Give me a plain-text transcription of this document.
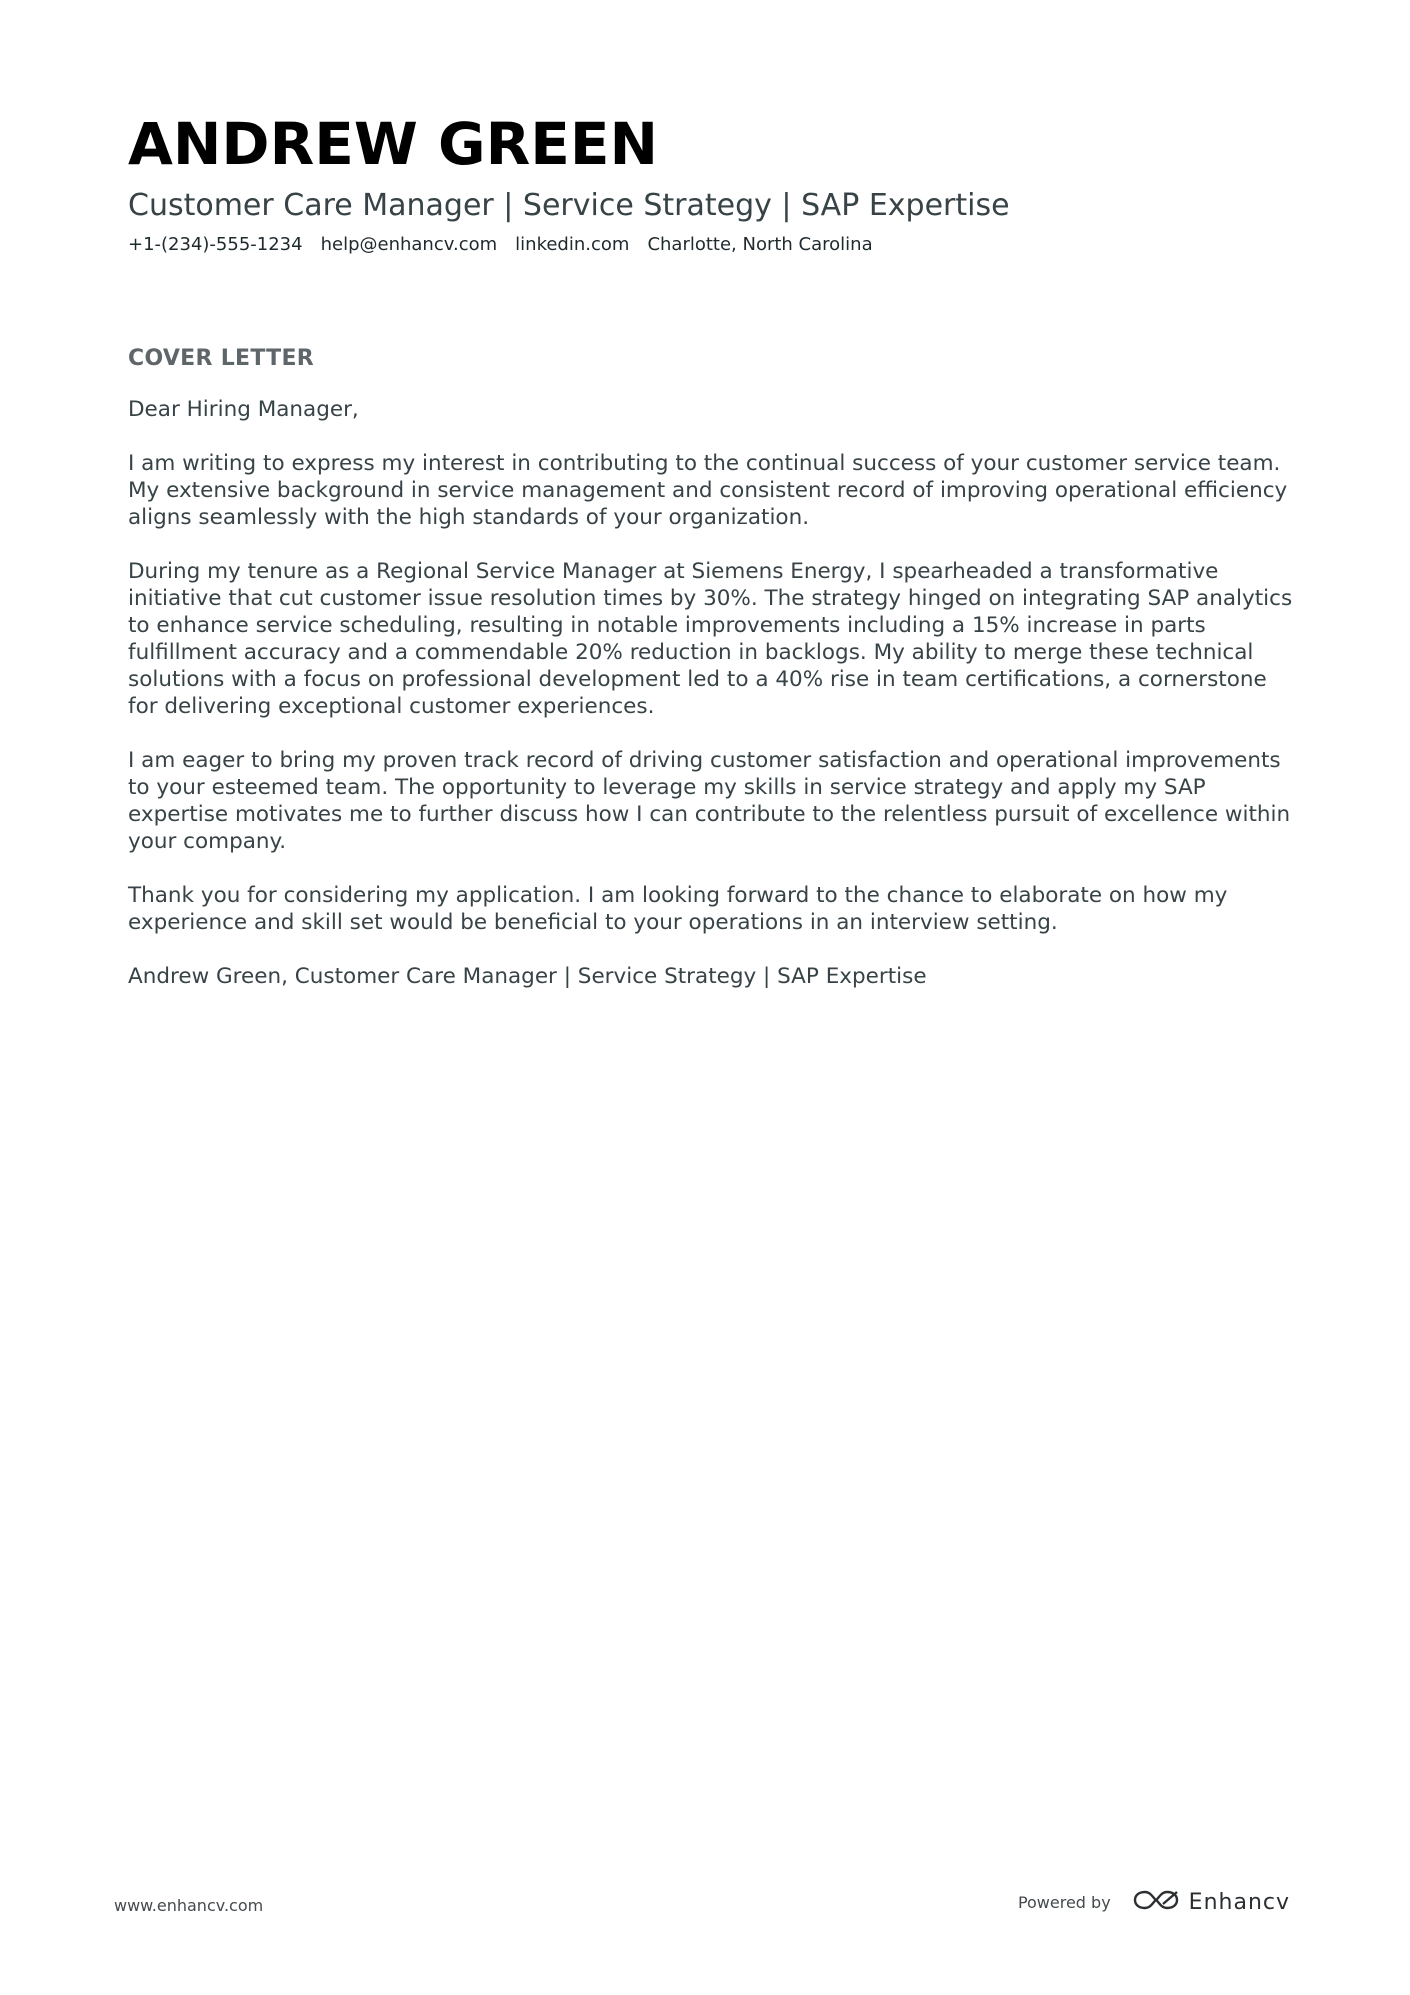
ANDREW GREEN
Customer Care Manager | Service Strategy | SAP Expertise
+1-(234)-555-1234 help@enhancv.com linkedin.com Charlotte, North Carolina
COVER LETTER

Dear Hiring Manager,

I am writing to express my interest in contributing to the continual success of your customer service team. My extensive background in service management and consistent record of improving operational efficiency aligns seamlessly with the high standards of your organization.

During my tenure as a Regional Service Manager at Siemens Energy, I spearheaded a transformative initiative that cut customer issue resolution times by 30%. The strategy hinged on integrating SAP analytics to enhance service scheduling, resulting in notable improvements including a 15% increase in parts fulfillment accuracy and a commendable 20% reduction in backlogs. My ability to merge these technical solutions with a focus on professional development led to a 40% rise in team certifications, a cornerstone for delivering exceptional customer experiences.

I am eager to bring my proven track record of driving customer satisfaction and operational improvements to your esteemed team. The opportunity to leverage my skills in service strategy and apply my SAP expertise motivates me to further discuss how I can contribute to the relentless pursuit of excellence within your company.

Thank you for considering my application. I am looking forward to the chance to elaborate on how my experience and skill set would be beneficial to your operations in an interview setting.

Andrew Green, Customer Care Manager | Service Strategy | SAP Expertise

www.enhancv.com	Powered by	Enhancv
